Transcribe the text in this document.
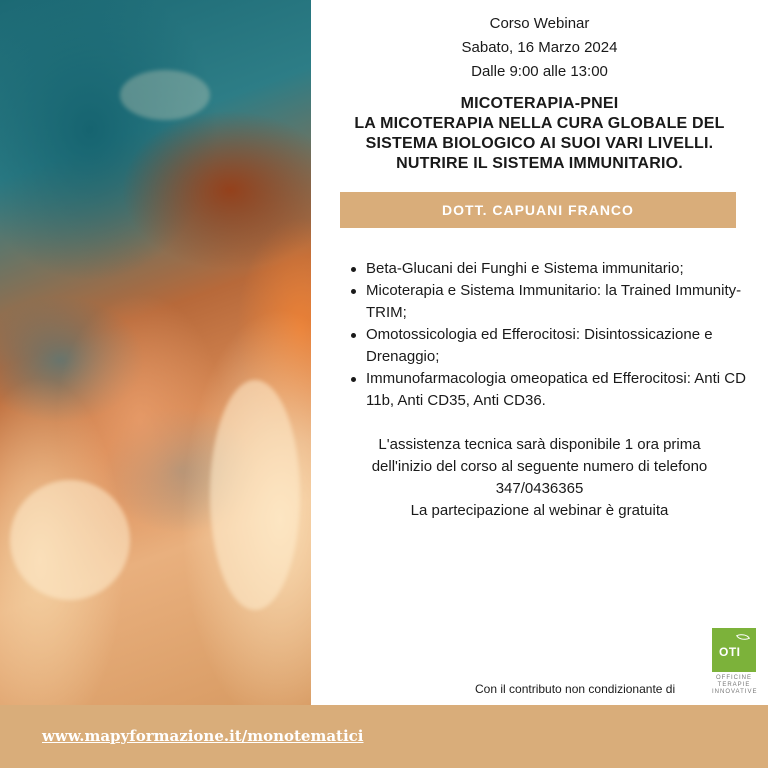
Corso Webinar
Sabato, 16 Marzo 2024
Dalle 9:00 alle 13:00
MICOTERAPIA-PNEI
LA MICOTERAPIA NELLA CURA GLOBALE DEL
SISTEMA BIOLOGICO AI SUOI VARI LIVELLI.
NUTRIRE IL SISTEMA IMMUNITARIO.
DOTT. CAPUANI FRANCO
Beta-Glucani dei Funghi e Sistema immunitario;
Micoterapia e Sistema Immunitario: la Trained Immunity-TRIM;
Omotossicologia ed Efferocitosi: Disintossicazione e Drenaggio;
Immunofarmacologia omeopatica ed Efferocitosi: Anti CD 11b, Anti CD35, Anti CD36.
L'assistenza tecnica sarà disponibile 1 ora prima
dell'inizio del corso al seguente numero di telefono
347/0436365
La partecipazione al webinar è gratuita
Con il contributo non condizionante di
OTI
OFFICINE
TERAPIE
INNOVATIVE
www.mapyformazione.it/monotematici
